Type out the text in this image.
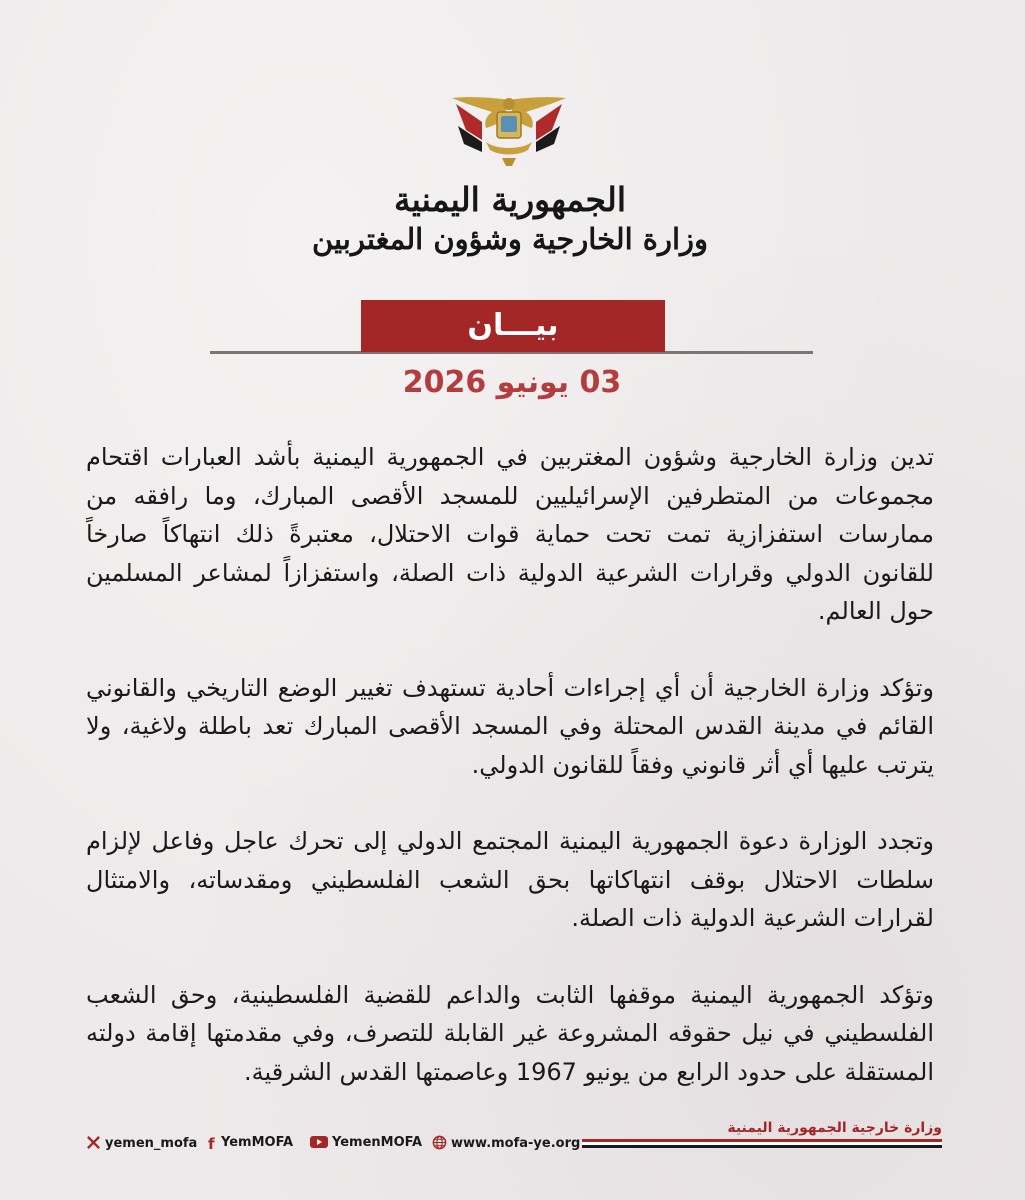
الجمهورية اليمنية
وزارة الخارجية وشؤون المغتربين
بيـــان
03 يونيو 2026

تدين وزارة الخارجية وشؤون المغتربين في الجمهورية اليمنية بأشد العبارات اقتحام مجموعات من المتطرفين الإسرائيليين للمسجد الأقصى المبارك، وما رافقه من ممارسات استفزازية تمت تحت حماية قوات الاحتلال، معتبرةً ذلك انتهاكاً صارخاً للقانون الدولي وقرارات الشرعية الدولية ذات الصلة، واستفزازاً لمشاعر المسلمين حول العالم.

وتؤكد وزارة الخارجية أن أي إجراءات أحادية تستهدف تغيير الوضع التاريخي والقانوني القائم في مدينة القدس المحتلة وفي المسجد الأقصى المبارك تعد باطلة ولاغية، ولا يترتب عليها أي أثر قانوني وفقاً للقانون الدولي.

وتجدد الوزارة دعوة الجمهورية اليمنية المجتمع الدولي إلى تحرك عاجل وفاعل لإلزام سلطات الاحتلال بوقف انتهاكاتها بحق الشعب الفلسطيني ومقدساته، والامتثال لقرارات الشرعية الدولية ذات الصلة.

وتؤكد الجمهورية اليمنية موقفها الثابت والداعم للقضية الفلسطينية، وحق الشعب الفلسطيني في نيل حقوقه المشروعة غير القابلة للتصرف، وفي مقدمتها إقامة دولته المستقلة على حدود الرابع من يونيو 1967 وعاصمتها القدس الشرقية.

yemen_mofa f YemMOFA	YemenMOFA	www.mofa-ye.org
وزارة خارجية الجمهورية اليمنية
